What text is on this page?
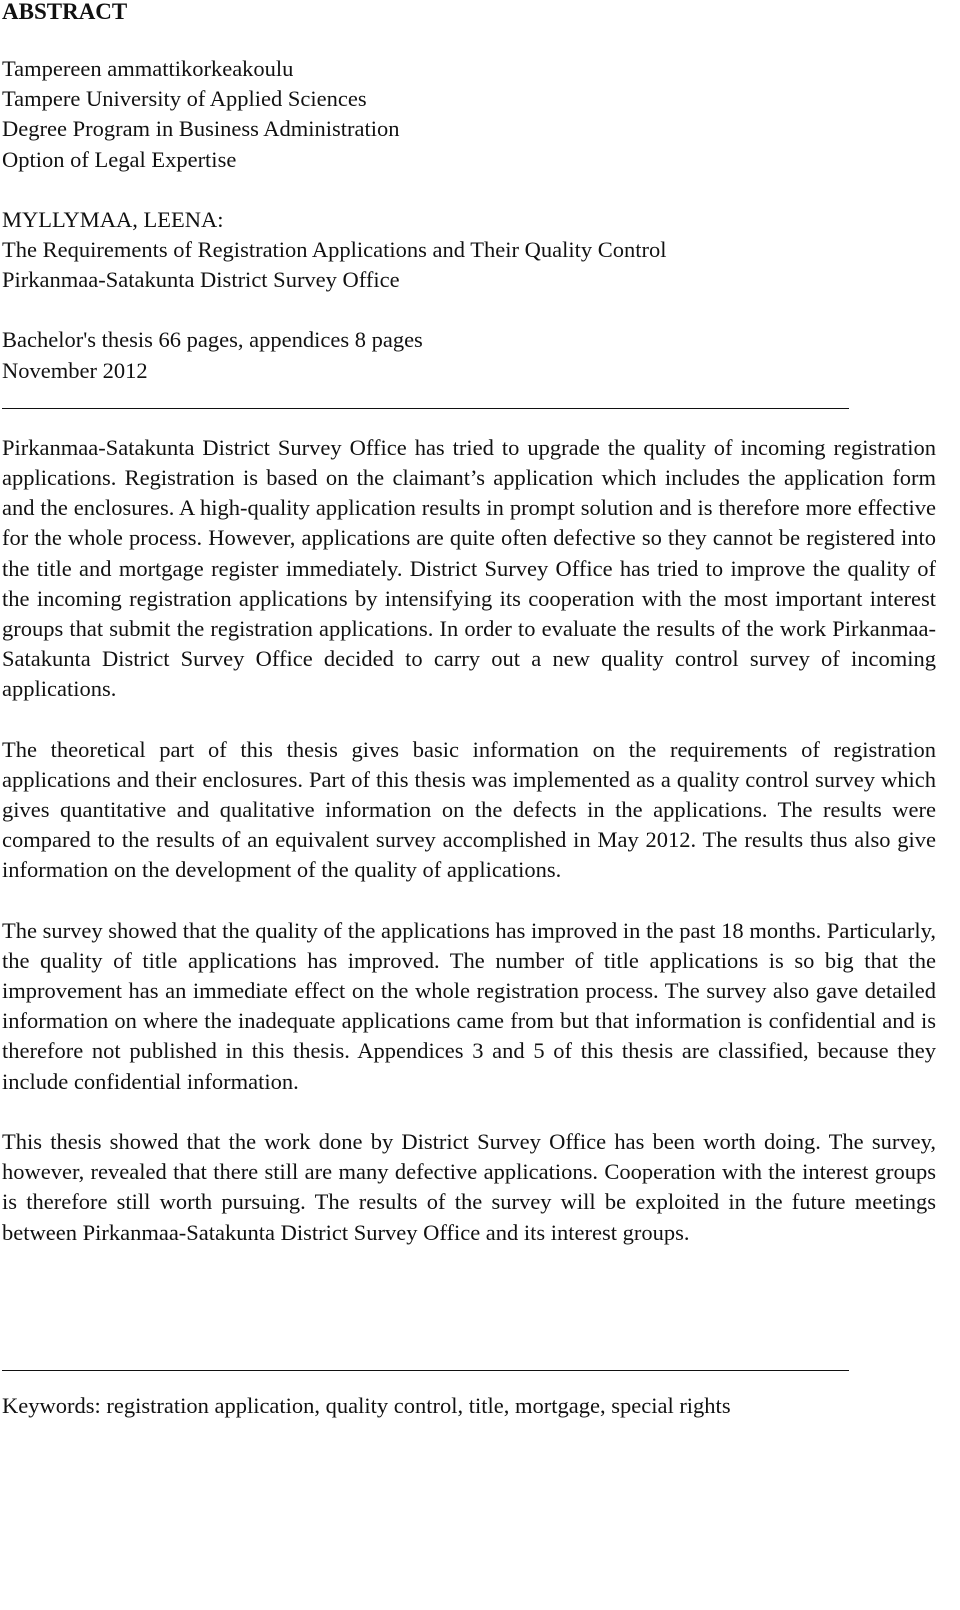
ABSTRACT
Tampereen ammattikorkeakoulu
Tampere University of Applied Sciences
Degree Program in Business Administration
Option of Legal Expertise
MYLLYMAA, LEENA:
The Requirements of Registration Applications and Their Quality Control
Pirkanmaa-Satakunta District Survey Office
Bachelor's thesis 66 pages, appendices 8 pages
November 2012

Pirkanmaa-Satakunta District Survey Office has tried to upgrade the quality of incoming registration applications. Registration is based on the claimant’s application which includes the application form and the enclosures. A high-quality application results in prompt solution and is therefore more effective for the whole process. However, applications are quite often defective so they cannot be registered into the title and mortgage register immediately. District Survey Office has tried to improve the quality of the incoming registration applications by intensifying its cooperation with the most important interest groups that submit the registration applications. In order to evaluate the results of the work Pirkanmaa-Satakunta District Survey Office decided to carry out a new quality control survey of incoming applications.

The theoretical part of this thesis gives basic information on the requirements of registration applications and their enclosures. Part of this thesis was implemented as a quality control survey which gives quantitative and qualitative information on the defects in the applications. The results were compared to the results of an equivalent survey accomplished in May 2012. The results thus also give information on the development of the quality of applications.

The survey showed that the quality of the applications has improved in the past 18 months. Particularly, the quality of title applications has improved. The number of title applications is so big that the improvement has an immediate effect on the whole registration process. The survey also gave detailed information on where the inadequate applications came from but that information is confidential and is therefore not published in this thesis. Appendices 3 and 5 of this thesis are classified, because they include confidential information.

This thesis showed that the work done by District Survey Office has been worth doing. The survey, however, revealed that there still are many defective applications. Cooperation with the interest groups is therefore still worth pursuing. The results of the survey will be exploited in the future meetings between Pirkanmaa-Satakunta District Survey Office and its interest groups.

Keywords: registration application, quality control, title, mortgage, special rights
